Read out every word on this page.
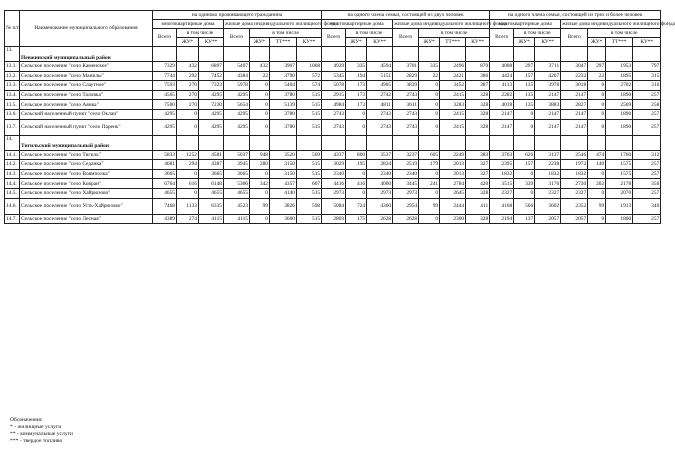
№ п/п	Наименование муниципального образования	на одиноко проживающего гражданина							на одного члена семьи, состоящей из двух человек							на одного члена семьи, состоящей из трех и более человек						
		многоквартирные дома			жилые дома индивидуального жилищного фонда				многоквартирные дома			жилые дома индивидуального жилищного фонда				многоквартирные дома			жилые дома индивидуального жилищного фонда			
		Всего	в том числе		Всего	в том числе			Всего	в том числе		Всего	в том числе			Всего	в том числе		Всего	в том числе		
			ЖУ*	КУ**		ЖУ*	ТТ***	КУ**		ЖУ*	КУ**		ЖУ*	ТТ***	КУ**		ЖУ*	КУ**		ЖУ*	ТТ***	КУ**
13.	Пенжинский муниципальный район																					
13.1.	Сельское поселение "село Каменское"	7329	432	6897	5407	432	3907	1068	4929	335	4594	3701	335	2496	870	4008	297	3711	3047	297	1953	797
13.2.	Сельское поселение "село Манилы"	7744	292	7452	4384	22	3790	572	5345	194	5151	2829	22	2421	386	4424	157	4267	2232	22	1895	315
13.3.	Сельское поселение "село Слаутное"	7593	270	7323	5978	0	5404	574	5078	173	4905	3839	0	3452	387	4113	135	3978	3018	0	2702	316
13.4.	Сельское поселение "село Таловка"	4565	270	4295	4295	0	3780	515	2915	173	2742	2743	0	2415	328	2282	135	2147	2147	0	1890	257
13.5.	Сельское поселение "село Аянка"	7500	270	7230	5654	0	5139	515	4984	173	4811	3611	0	3283	328	4018	135	3883	2827	0	2569	258
13.6.	Сельский населенный пункт "село Оклан"	4295	0	4295	4295	0	3780	515	2743	0	2743	2743	0	2415	328	2147	0	2147	2147	0	1890	257
13.7.	Сельский населенный пункт "село Парень"	4295	0	4295	4295	0	3780	515	2743	0	2743	2743	0	2415	328	2147	0	2147	2147	0	1890	257
14.	Тигильский муниципальный район																					
14.1.	Сельское поселение "село Тигиль"	5833	1252	4581	5037	948	3520	569	4337	800	3537	3237	605	2249	383	3763	626	3137	2546	474	1760	312
14.2.	Сельское поселение "село Седанка"	4681	294	4387	3945	280	3150	515	3029	195	2834	2519	179	2013	327	2395	157	2238	1972	140	1575	257
14.3.	Сельское поселение "село Воямполка"	3665	0	3665	3665	0	3150	515	2340	0	2340	2340	0	2013	327	1832	0	1832	1832	0	1575	257
14.4.	Сельское поселение "село Ковран"	6764	616	6148	5306	342	4357	607	4416	416	4000	3445	241	2784	420	3515	339	3176	2730	202	2178	350
14.5.	Сельское поселение "село Хайрюзово"	4655	0	4655	4655	0	4140	515	2973	0	2973	2973	0	2645	328	2327	0	2327	2327	0	2070	257
14.6.	Сельское поселение "село Усть-Хайрюзово"	7468	1133	6335	4523	99	3826	598	5084	724	4360	2954	99	2444	411	4168	566	3602	2352	99	1913	340
14.7.	Сельское поселение "село Лесная"	4389	274	4115	4115	0	3600	515	2803	175	2628	2628	0	2300	328	2194	137	2057	2057	0	1800	257
Обозначения:
* - жилищные услуги
** - коммунальные услуги
*** - твердое топливо
